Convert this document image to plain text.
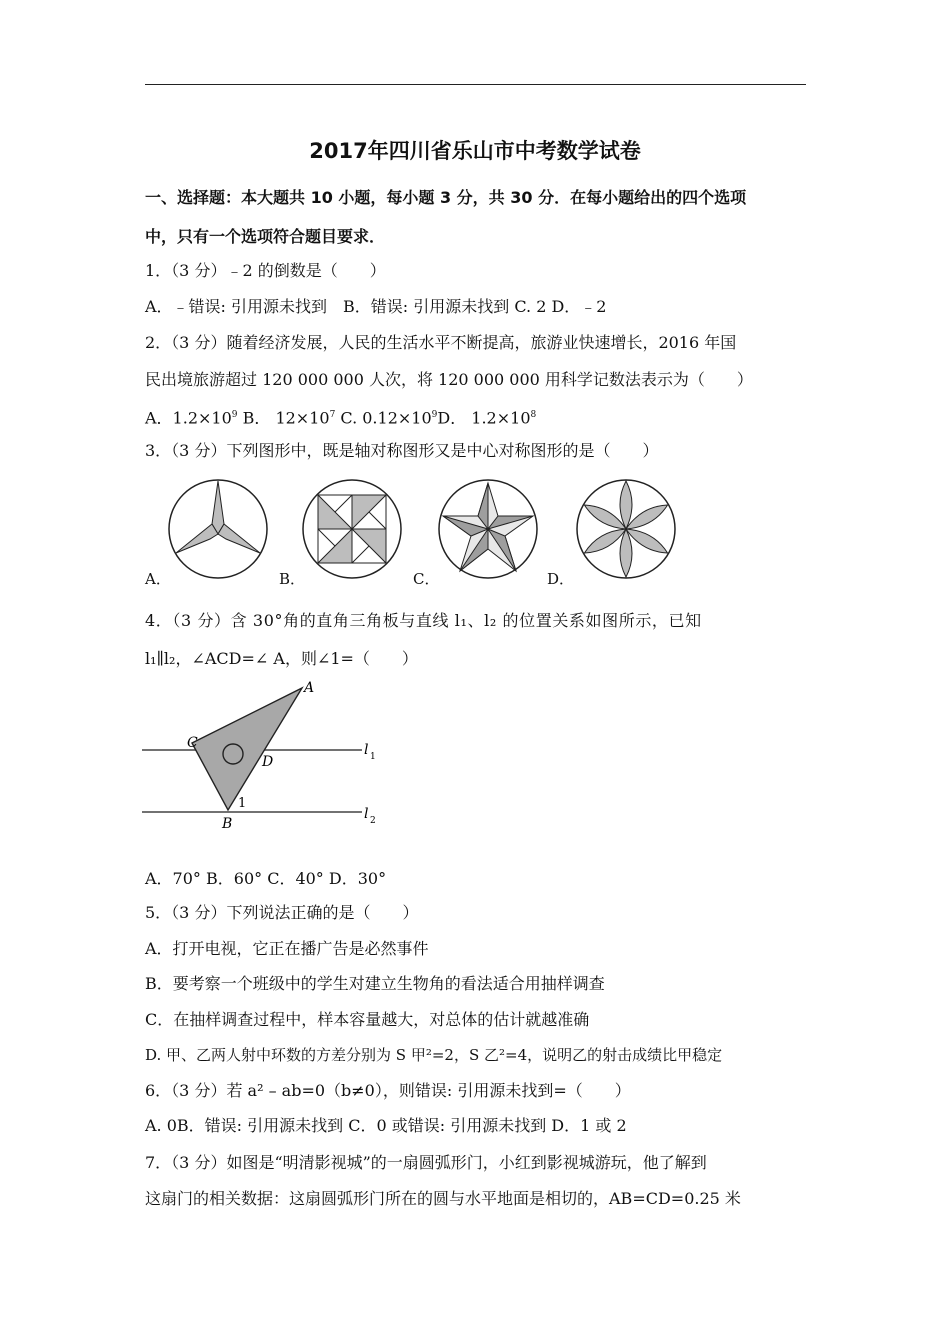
2017年四川省乐山市中考数学试卷
一、选择题：本大题共 10 小题，每小题 3 分，共 30 分．在每小题给出的四个选项
中，只有一个选项符合题目要求．
1．（3 分）﹣2 的倒数是（　　）
A．﹣错误: 引用源未找到　B．错误: 引用源未找到 C. 2 D．﹣2
2．（3 分）随着经济发展，人民的生活水平不断提高，旅游业快速增长，2016 年国
民出境旅游超过 120 000 000 人次，将 120 000 000 用科学记数法表示为（　　）
A．$1.2\times 10^9$ B． $12\times 10^7$ C. $0.12\times 10^9D$． $1.2\times 10^8$
3．（3 分）下列图形中，既是轴对称图形又是中心对称图形的是（　　）
A．	B．	C．	D．
4．（3 分）含 30°角的直角三角板与直线 l₁、l₂ 的位置关系如图所示，已知
l₁∥l₂，∠ACD=∠ A，则∠1=（　　）
A
C
D
B
1
l 1
l 2
A．70° B．60° C．40° D．30°
5．（3 分）下列说法正确的是（　　）
A．打开电视，它正在播广告是必然事件
B．要考察一个班级中的学生对建立生物角的看法适合用抽样调查
C．在抽样调查过程中，样本容量越大，对总体的估计就越准确
D. 甲、乙两人射中环数的方差分别为 S 甲²=2，S 乙²=4，说明乙的射击成绩比甲稳定
6．（3 分）若 a² – ab=0（b≠0），则错误: 引用源未找到=（　　）
A. 0B．错误: 引用源未找到 C．0 或错误: 引用源未找到 D．1 或 2
7．（3 分）如图是“明清影视城”的一扇圆弧形门，小红到影视城游玩，他了解到
这扇门的相关数据：这扇圆弧形门所在的圆与水平地面是相切的，AB=CD=0.25 米
